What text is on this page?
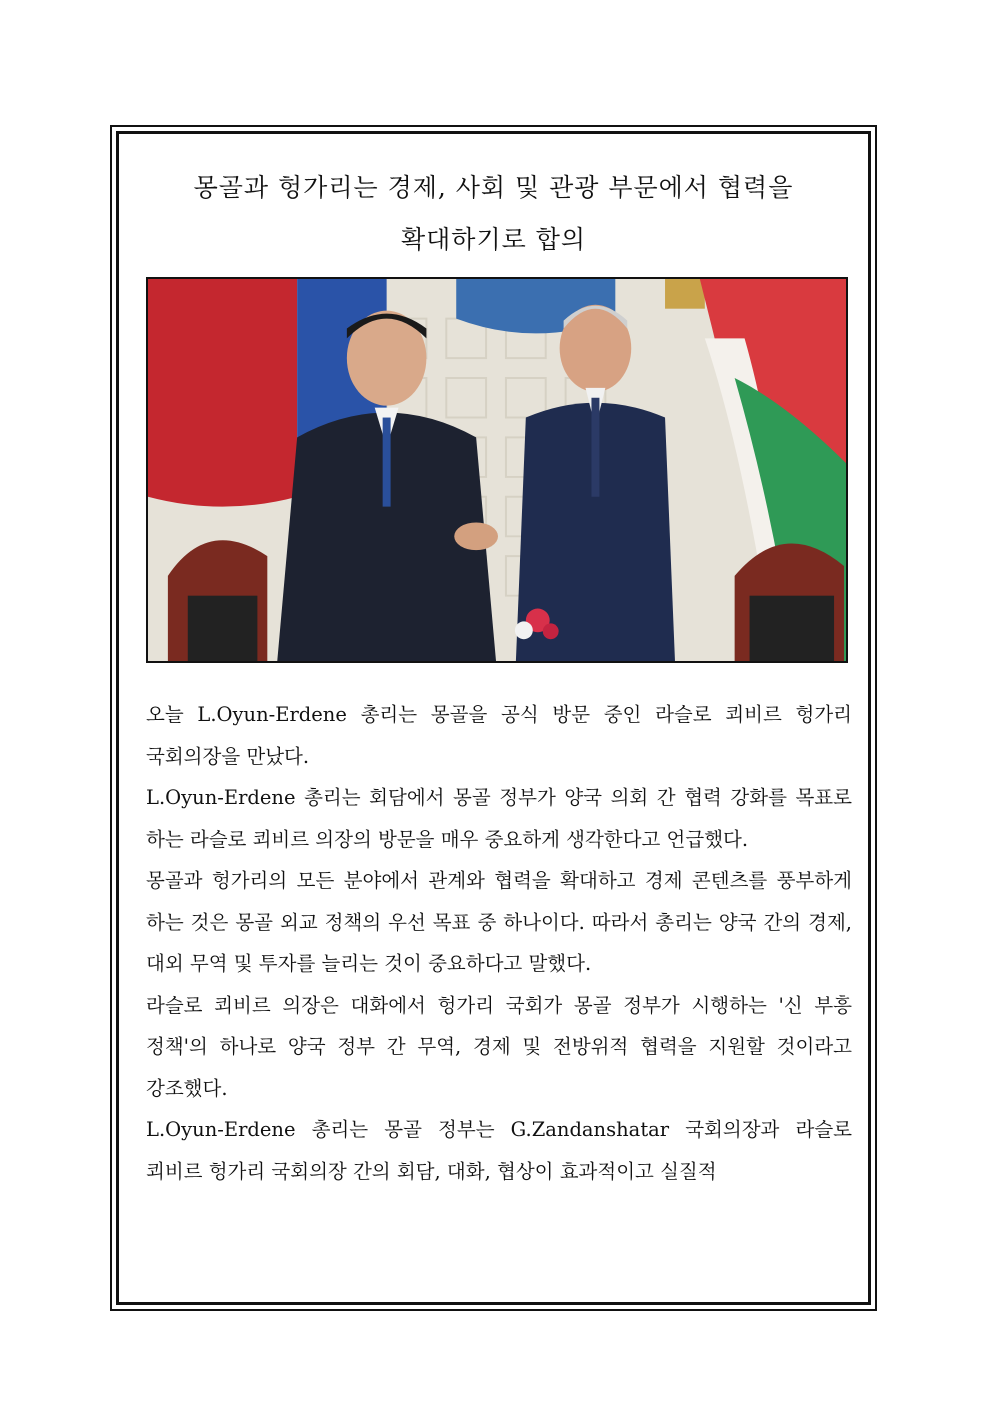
몽골과 헝가리는 경제, 사회 및 관광 부문에서 협력을
확대하기로 합의

오늘 L.Oyun-Erdene 총리는 몽골을 공식 방문 중인 라슬로 쾨비르 헝가리 국회의장을 만났다.

L.Oyun-Erdene 총리는 회담에서 몽골 정부가 양국 의회 간 협력 강화를 목표로 하는 라슬로 쾨비르 의장의 방문을 매우 중요하게 생각한다고 언급했다.

몽골과 헝가리의 모든 분야에서 관계와 협력을 확대하고 경제 콘텐츠를 풍부하게 하는 것은 몽골 외교 정책의 우선 목표 중 하나이다. 따라서 총리는 양국 간의 경제, 대외 무역 및 투자를 늘리는 것이 중요하다고 말했다.

라슬로 쾨비르 의장은 대화에서 헝가리 국회가 몽골 정부가 시행하는 '신 부흥 정책'의 하나로 양국 정부 간 무역, 경제 및 전방위적 협력을 지원할 것이라고 강조했다.

L.Oyun-Erdene 총리는 몽골 정부는 G.Zandanshatar 국회의장과 라슬로 쾨비르 헝가리 국회의장 간의 회담, 대화, 협상이 효과적이고 실질적
